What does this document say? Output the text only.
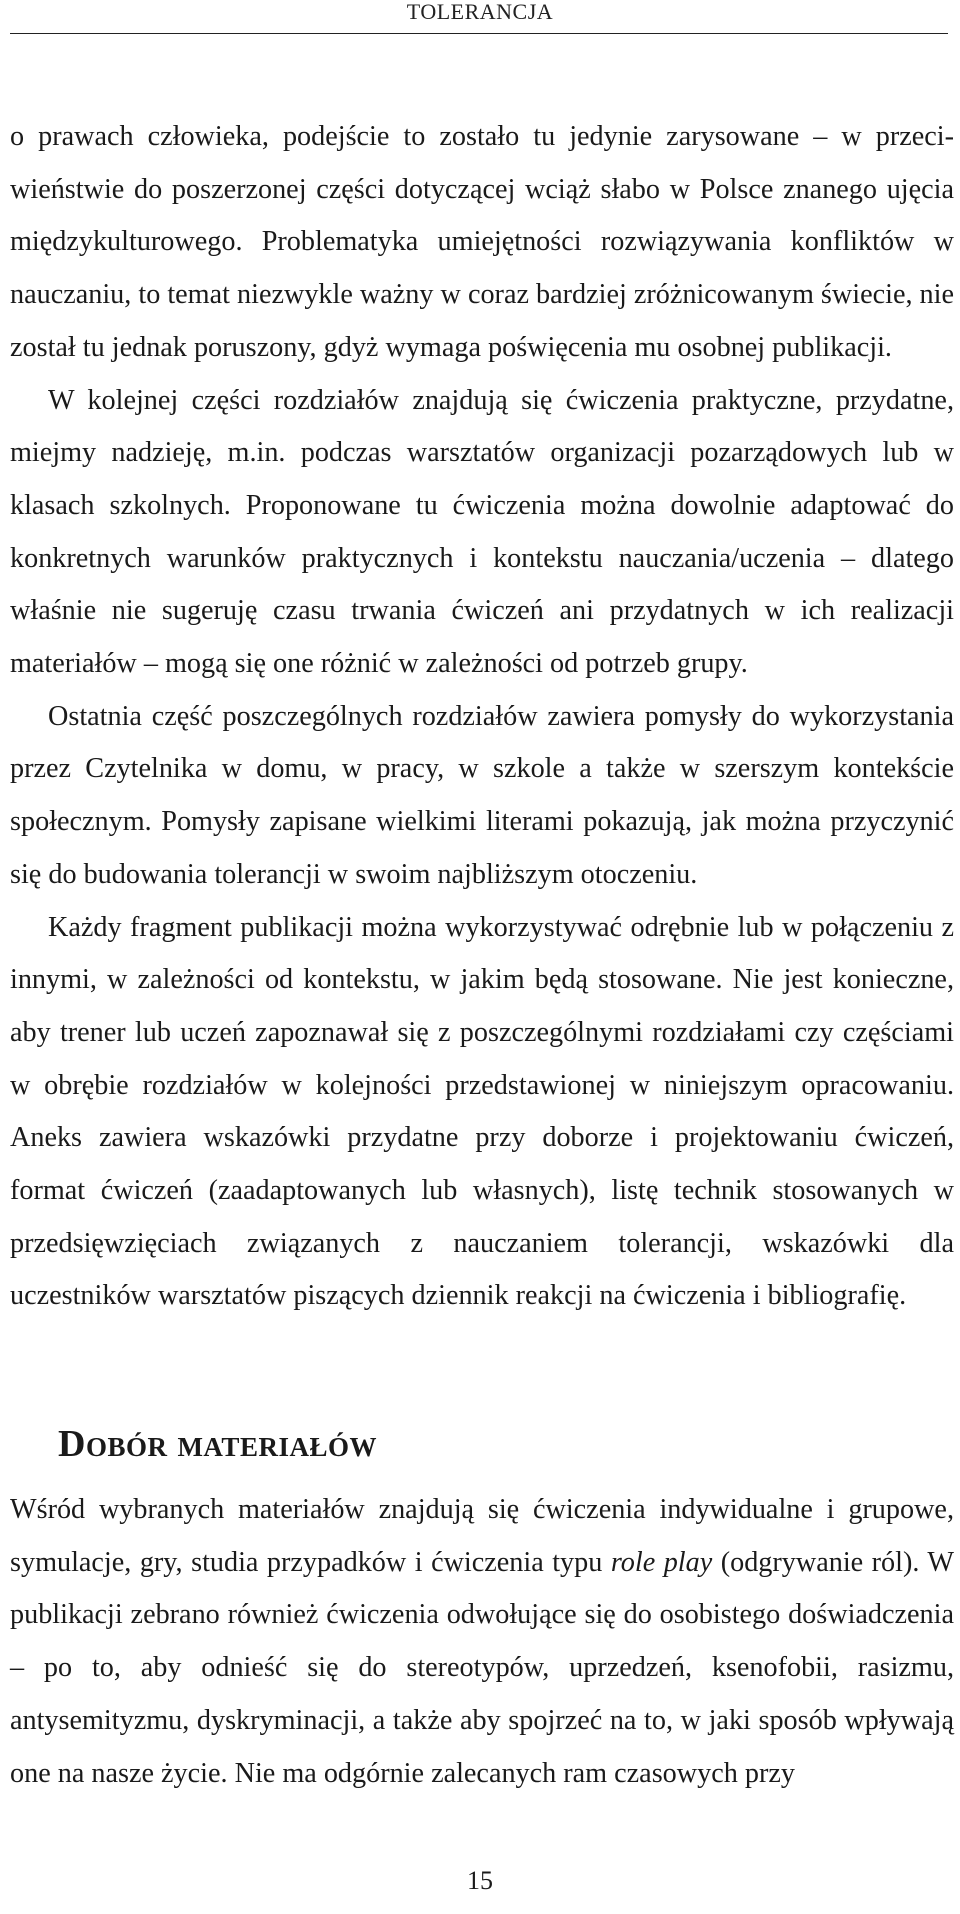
TOLERANCJA

o prawach człowieka, podejście to zostało tu jedynie zarysowane – w przeciwieństwie do poszerzonej części dotyczącej wciąż słabo w Polsce znanego ujęcia międzykulturowego. Problematyka umiejętności rozwiązywania konfliktów w nauczaniu, to temat niezwykle ważny w coraz bardziej zróżnicowanym świecie, nie został tu jednak poruszony, gdyż wymaga poświęcenia mu osobnej publikacji.

W kolejnej części rozdziałów znajdują się ćwiczenia praktyczne, przydatne, miejmy nadzieję, m.in. podczas warsztatów organizacji pozarządowych lub w klasach szkolnych. Proponowane tu ćwiczenia można dowolnie adaptować do konkretnych warunków praktycznych i kontekstu nauczania/uczenia – dlatego właśnie nie sugeruję czasu trwania ćwiczeń ani przydatnych w ich realizacji materiałów – mogą się one różnić w zależności od potrzeb grupy.

Ostatnia część poszczególnych rozdziałów zawiera pomysły do wykorzystania przez Czytelnika w domu, w pracy, w szkole a także w szerszym kontekście społecznym. Pomysły zapisane wielkimi literami pokazują, jak można przyczynić się do budowania tolerancji w swoim najbliższym otoczeniu.

Każdy fragment publikacji można wykorzystywać odrębnie lub w połączeniu z innymi, w zależności od kontekstu, w jakim będą stosowane. Nie jest konieczne, aby trener lub uczeń zapoznawał się z poszczególnymi rozdziałami czy częściami w obrębie rozdziałów w kolejności przedstawionej w niniejszym opracowaniu. Aneks zawiera wskazówki przydatne przy doborze i projektowaniu ćwiczeń, format ćwiczeń (zaadaptowanych lub własnych), listę technik stosowanych w przedsięwzięciach związanych z nauczaniem tolerancji, wskazówki dla uczestników warsztatów piszących dziennik reakcji na ćwiczenia i bibliografię.

Dobór materiałów

Wśród wybranych materiałów znajdują się ćwiczenia indywidualne i grupowe, symulacje, gry, studia przypadków i ćwiczenia typu role play (odgrywanie ról). W publikacji zebrano również ćwiczenia odwołujące się do osobistego doświadczenia – po to, aby odnieść się do stereotypów, uprzedzeń, ksenofobii, rasizmu, antysemityzmu, dyskryminacji, a także aby spojrzeć na to, w jaki sposób wpływają one na nasze życie. Nie ma odgórnie zalecanych ram czasowych przy

15
